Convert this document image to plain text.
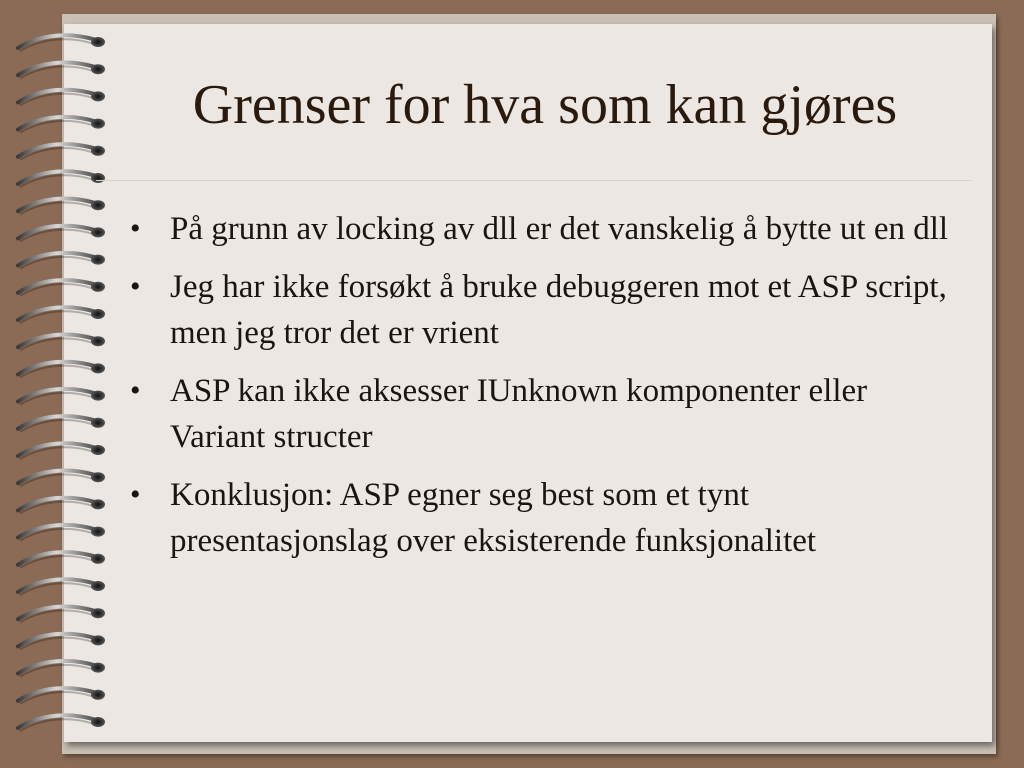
Grenser for hva som kan gjøres
• På grunn av locking av dll er det vanskelig å bytte ut en dll
• Jeg har ikke forsøkt å bruke debuggeren mot et ASP script, men jeg tror det er vrient
• ASP kan ikke aksesser IUnknown komponenter eller Variant structer
• Konklusjon: ASP egner seg best som et tynt presentasjonslag over eksisterende funksjonalitet
